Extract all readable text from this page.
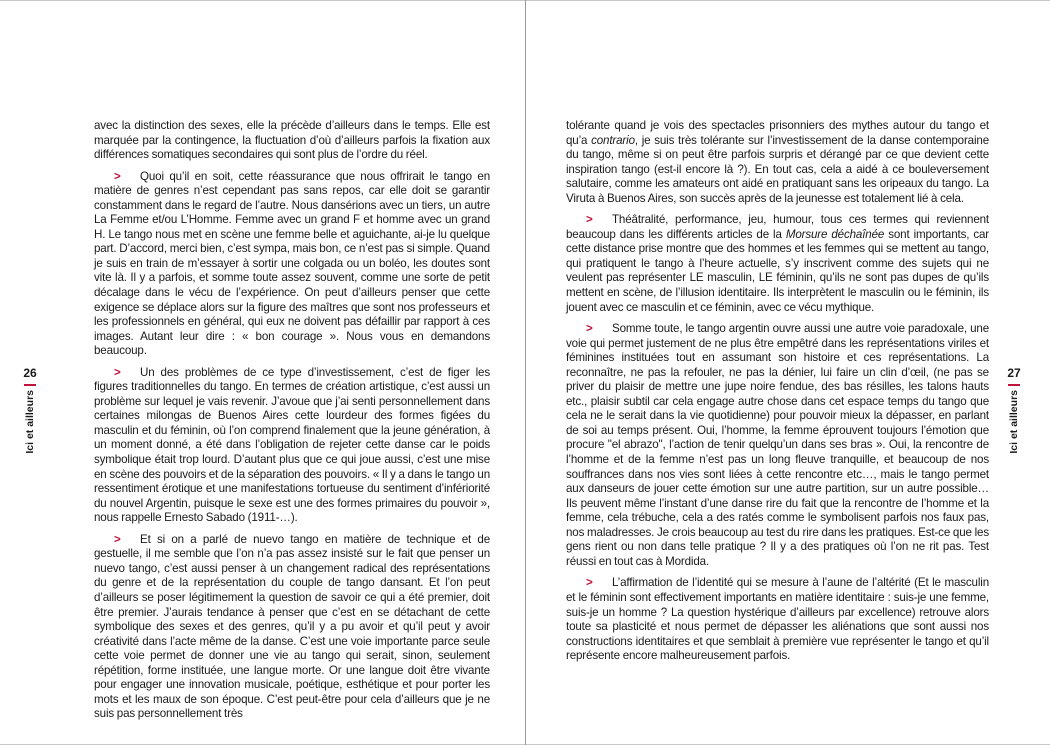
26
Ici et ailleurs

avec la distinction des sexes, elle la précède d’ailleurs dans le temps. Elle est marquée par la contingence, la fluctuation d’où d’ailleurs parfois la fixation aux différences somatiques secondaires qui sont plus de l’ordre du réel.

> Quoi qu’il en soit, cette réassurance que nous offrirait le tango en matière de genres n’est cependant pas sans repos, car elle doit se garantir constamment dans le regard de l’autre. Nous dansérions avec un tiers, un autre La Femme et/ou L’Homme. Femme avec un grand F et homme avec un grand H. Le tango nous met en scène une femme belle et aguichante, ai-je lu quelque part. D’accord, merci bien, c’est sympa, mais bon, ce n’est pas si simple. Quand je suis en train de m’essayer à sortir une colgada ou un boléo, les doutes sont vite là. Il y a parfois, et somme toute assez souvent, comme une sorte de petit décalage dans le vécu de l’expérience. On peut d’ailleurs penser que cette exigence se déplace alors sur la figure des maîtres que sont nos professeurs et les professionnels en général, qui eux ne doivent pas défaillir par rapport à ces images. Autant leur dire : « bon courage ». Nous vous en demandons beaucoup.

> Un des problèmes de ce type d’investissement, c’est de figer les figures traditionnelles du tango. En termes de création artistique, c’est aussi un problème sur lequel je vais revenir. J’avoue que j’ai senti personnellement dans certaines milongas de Buenos Aires cette lourdeur des formes figées du masculin et du féminin, où l’on comprend finalement que la jeune génération, à un moment donné, a été dans l’obligation de rejeter cette danse car le poids symbolique était trop lourd. D’autant plus que ce qui joue aussi, c’est une mise en scène des pouvoirs et de la séparation des pouvoirs. « Il y a dans le tango un ressentiment érotique et une manifestations tortueuse du sentiment d’infériorité du nouvel Argentin, puisque le sexe est une des formes primaires du pouvoir », nous rappelle Ernesto Sabado (1911-…).

> Et si on a parlé de nuevo tango en matière de technique et de gestuelle, il me semble que l’on n’a pas assez insisté sur le fait que penser un nuevo tango, c’est aussi penser à un changement radical des représentations du genre et de la représentation du couple de tango dansant. Et l’on peut d’ailleurs se poser légitimement la question de savoir ce qui a été premier, doit être premier. J’aurais tendance à penser que c’est en se détachant de cette symbolique des sexes et des genres, qu’il y a pu avoir et qu’il peut y avoir créativité dans l’acte même de la danse. C’est une voie importante parce seule cette voie permet de donner une vie au tango qui serait, sinon, seulement répétition, forme instituée, une langue morte. Or une langue doit être vivante pour engager une innovation musicale, poétique, esthétique et pour porter les mots et les maux de son époque. C’est peut-être pour cela d’ailleurs que je ne suis pas personnellement très

tolérante quand je vois des spectacles prisonniers des mythes autour du tango et qu’a contrario, je suis très tolérante sur l’investissement de la danse contemporaine du tango, même si on peut être parfois surpris et dérangé par ce que devient cette inspiration tango (est-il encore là ?). En tout cas, cela a aidé à ce bouleversement salutaire, comme les amateurs ont aidé en pratiquant sans les oripeaux du tango. La Viruta à Buenos Aires, son succès après de la jeunesse est totalement lié à cela.

> Théâtralité, performance, jeu, humour, tous ces termes qui reviennent beaucoup dans les différents articles de la Morsure déchaînée sont importants, car cette distance prise montre que des hommes et les femmes qui se mettent au tango, qui pratiquent le tango à l’heure actuelle, s’y inscrivent comme des sujets qui ne veulent pas représenter LE masculin, LE féminin, qu’ils ne sont pas dupes de qu’ils mettent en scène, de l’illusion identitaire. Ils interprètent le masculin ou le féminin, ils jouent avec ce masculin et ce féminin, avec ce vécu mythique.

> Somme toute, le tango argentin ouvre aussi une autre voie paradoxale, une voie qui permet justement de ne plus être empêtré dans les représentations viriles et féminines instituées tout en assumant son histoire et ces représentations. La reconnaître, ne pas la refouler, ne pas la dénier, lui faire un clin d’œil, (ne pas se priver du plaisir de mettre une jupe noire fendue, des bas résilles, les talons hauts etc., plaisir subtil car cela engage autre chose dans cet espace temps du tango que cela ne le serait dans la vie quotidienne) pour pouvoir mieux la dépasser, en parlant de soi au temps présent. Oui, l’homme, la femme éprouvent toujours l’émotion que procure "el abrazo", l’action de tenir quelqu’un dans ses bras ». Oui, la rencontre de l’homme et de la femme n’est pas un long fleuve tranquille, et beaucoup de nos souffrances dans nos vies sont liées à cette rencontre etc…, mais le tango permet aux danseurs de jouer cette émotion sur une autre partition, sur un autre possible… Ils peuvent même l’instant d’une danse rire du fait que la rencontre de l’homme et la femme, cela trébuche, cela a des ratés comme le symbolisent parfois nos faux pas, nos maladresses. Je crois beaucoup au test du rire dans les pratiques. Est-ce que les gens rient ou non dans telle pratique ? Il y a des pratiques où l’on ne rit pas. Test réussi en tout cas à Mordida.

> L’affirmation de l’identité qui se mesure à l’aune de l’altérité (Et le masculin et le féminin sont effectivement importants en matière identitaire : suis-je une femme, suis-je un homme ? La question hystérique d’ailleurs par excellence) retrouve alors toute sa plasticité et nous permet de dépasser les aliénations que sont aussi nos constructions identitaires et que semblait à première vue représenter le tango et qu’il représente encore malheureusement parfois.

27
Ici et ailleurs
